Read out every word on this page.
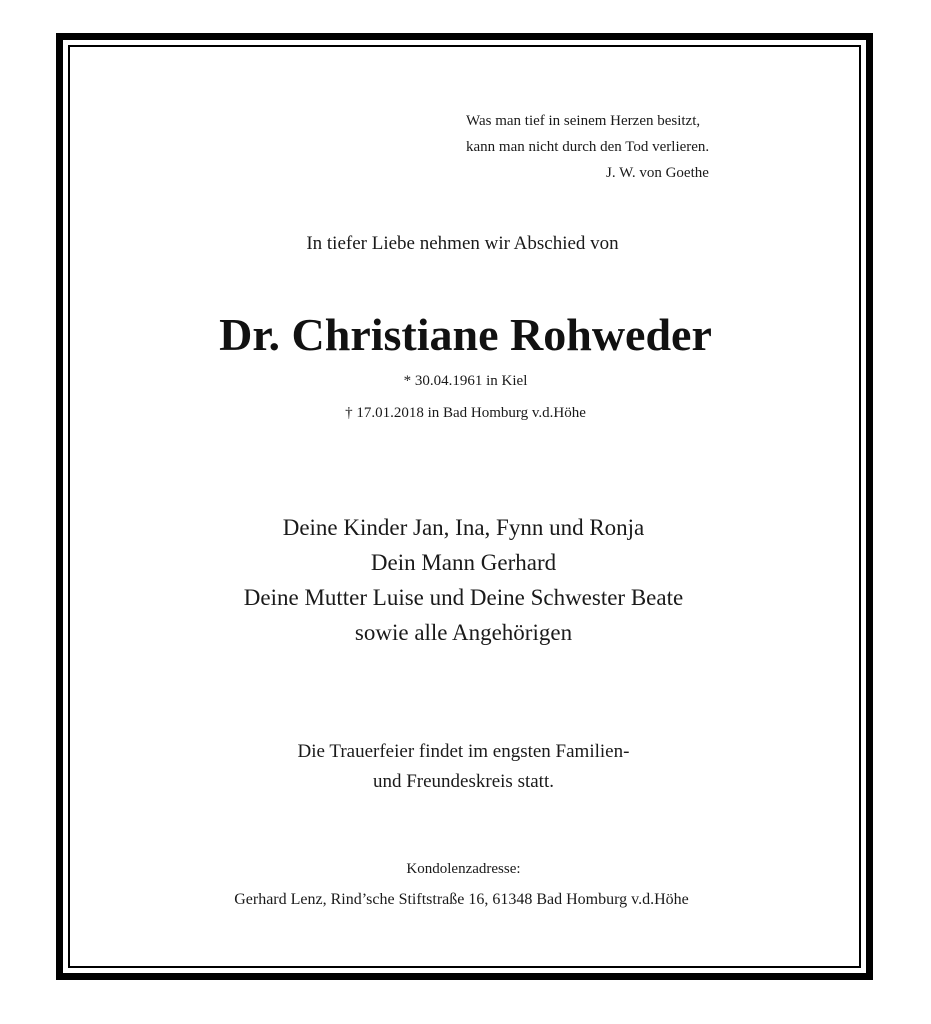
Was man tief in seinem Herzen besitzt,
kann man nicht durch den Tod verlieren.
J. W. von Goethe
In tiefer Liebe nehmen wir Abschied von
Dr. Christiane Rohweder
* 30.04.1961 in Kiel
† 17.01.2018 in Bad Homburg v.d.Höhe
Deine Kinder Jan, Ina, Fynn und Ronja
Dein Mann Gerhard
Deine Mutter Luise und Deine Schwester Beate
sowie alle Angehörigen
Die Trauerfeier findet im engsten Familien-
und Freundeskreis statt.
Kondolenzadresse:
Gerhard Lenz, Rind’sche Stiftstraße 16, 61348 Bad Homburg v.d.Höhe
